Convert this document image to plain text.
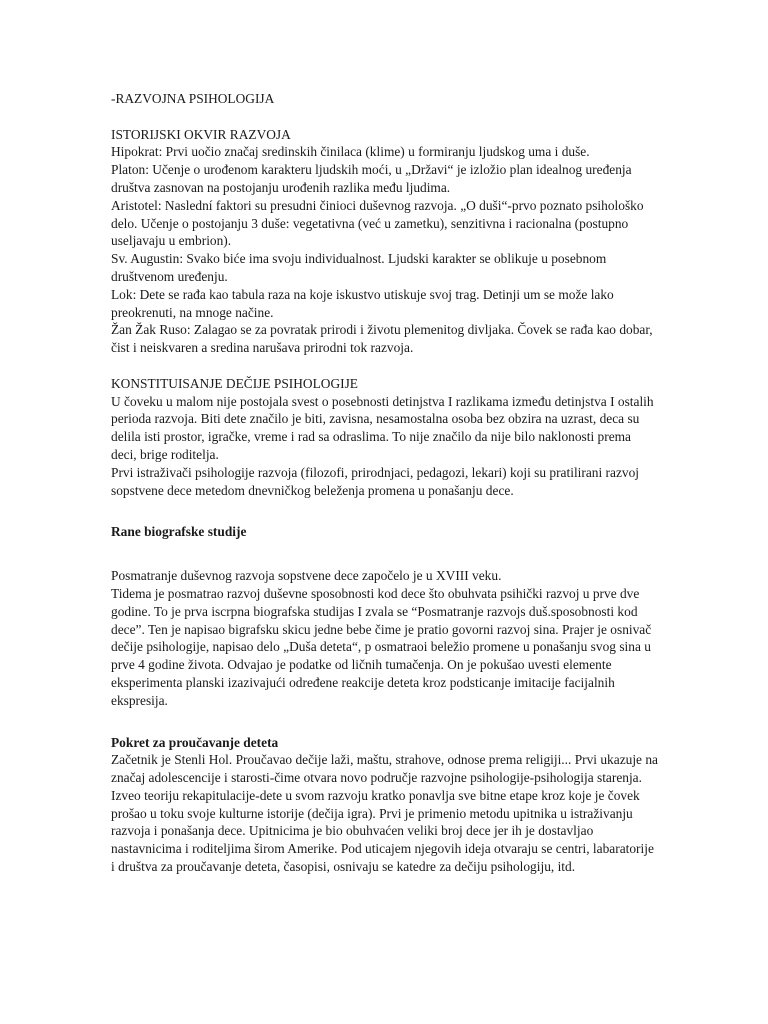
-RAZVOJNA PSIHOLOGIJA

ISTORIJSKI OKVIR RAZVOJA

Hipokrat: Prvi uočio značaj sredinskih činilaca (klime) u formiranju ljudskog uma i duše.

Platon: Učenje o urođenom karakteru ljudskih moći, u „Državi“ je izložio plan idealnog uređenja društva zasnovan na postojanju urođenih razlika među ljudima.

Aristotel: Naslední faktori su presudni činioci duševnog razvoja. „O duši“-prvo poznato psihološko delo. Učenje o postojanju 3 duše: vegetativna (već u zametku), senzitivna i racionalna (postupno useljavaju u embrion).

Sv. Augustin: Svako biće ima svoju individualnost. Ljudski karakter se oblikuje u posebnom društvenom uređenju.

Lok: Dete se rađa kao tabula raza na koje iskustvo utiskuje svoj trag. Detinji um se može lako preokrenuti, na mnoge načine.

Žan Žak Ruso: Zalagao se za povratak prirodi i životu plemenitog divljaka. Čovek se rađa kao dobar, čist i neiskvaren a sredina narušava prirodni tok razvoja.

KONSTITUISANJE DEČIJE PSIHOLOGIJE

U čoveku u malom nije postojala svest o posebnosti detinjstva I razlikama između detinjstva I ostalih perioda razvoja. Biti dete značilo je biti, zavisna, nesamostalna osoba bez obzira na uzrast, deca su delila isti prostor, igračke, vreme i rad sa odraslima. To nije značilo da nije bilo naklonosti prema deci, brige roditelja.

Prvi istraživači psihologije razvoja (filozofi, prirodnjaci, pedagozi, lekari) koji su pratilirani razvoj sopstvene dece metedom dnevničkog beleženja promena u ponašanju dece.

Rane biografske studije

Posmatranje duševnog razvoja sopstvene dece započelo je u XVIII veku.

Tidema je posmatrao razvoj duševne sposobnosti kod dece što obuhvata psihički razvoj u prve dve godine. To je prva iscrpna biografska studijas I zvala se “Posmatranje razvojs duš.sposobnosti kod dece”. Ten je napisao bigrafsku skicu jedne bebe čime je pratio govorni razvoj sina. Prajer je osnivač dečije psihologije, napisao delo „Duša deteta“, p osmatraoi beležio promene u ponašanju svog sina u prve 4 godine života. Odvajao je podatke od ličnih tumačenja. On je pokušao uvesti elemente eksperimenta planski izazivajući određene reakcije deteta kroz podsticanje imitacije facijalnih ekspresija.

Pokret za proučavanje deteta

Začetnik je Stenli Hol. Proučavao dečije laži, maštu, strahove, odnose prema religiji... Prvi ukazuje na značaj adolescencije i starosti-čime otvara novo područje razvojne psihologije-psihologija starenja. Izveo teoriju rekapitulacije-dete u svom razvoju kratko ponavlja sve bitne etape kroz koje je čovek prošao u toku svoje kulturne istorije (dečija igra). Prvi je primenio metodu upitnika u istraživanju razvoja i ponašanja dece. Upitnicima je bio obuhvaćen veliki broj dece jer ih je dostavljao nastavnicima i roditeljima širom Amerike. Pod uticajem njegovih ideja otvaraju se centri, labaratorije i društva za proučavanje deteta, časopisi, osnivaju se katedre za dečiju psihologiju, itd.
